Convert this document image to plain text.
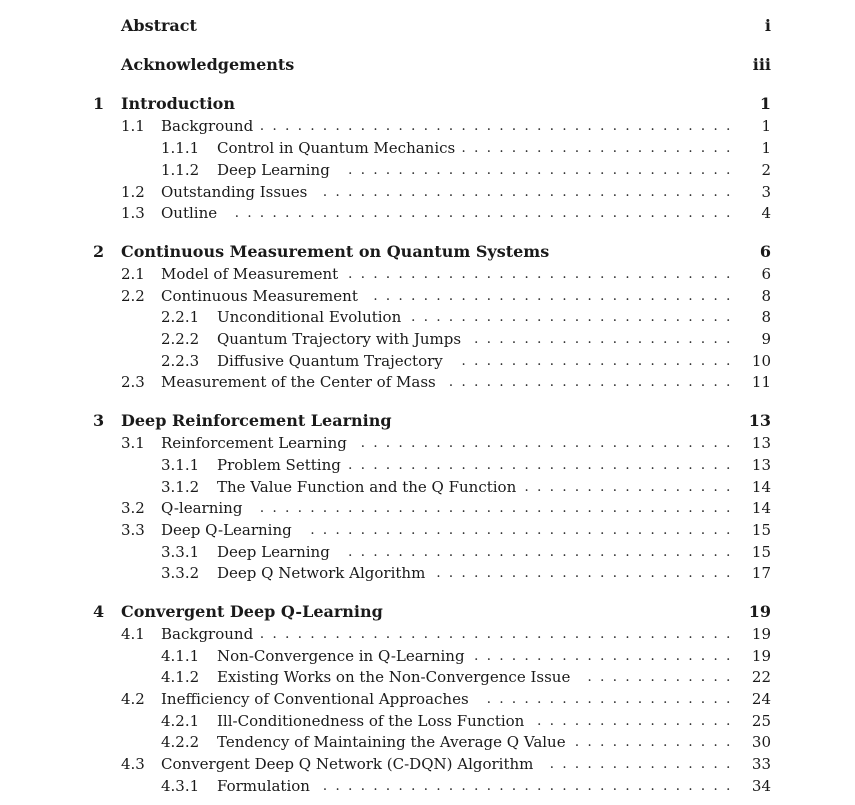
Abstract	i
Acknowledgements	iii
1 Introduction	1
1.1 Background	1
.
.
.
.
.
.
.
.
.
.
.
.
.
.
.
.
.
.
.
.
.
.
.
.
.
.
.
.
.
.
.
.
.
.
.
.
.
.
1.1.1 Control in Quantum Mechanics	1
.
.
.
.
.
.
.
.
.
.
.
.
.
.
.
.
.
.
.
.
.
.
1.1.2 Deep Learning	2
.
.
.
.
.
.
.
.
.
.
.
.
.
.
.
.
.
.
.
.
.
.
.
.
.
.
.
.
.
.
.
1.2 Outstanding Issues	3
.
.
.
.
.
.
.
.
.
.
.
.
.
.
.
.
.
.
.
.
.
.
.
.
.
.
.
.
.
.
.
.
.
1.3 Outline	4
.
.
.
.
.
.
.
.
.
.
.
.
.
.
.
.
.
.
.
.
.
.
.
.
.
.
.
.
.
.
.
.
.
.
.
.
.
.
.
.
2 Continuous Measurement on Quantum Systems	6
2.1 Model of Measurement	6
.
.
.
.
.
.
.
.
.
.
.
.
.
.
.
.
.
.
.
.
.
.
.
.
.
.
.
.
.
.
.
2.2 Continuous Measurement	8
.
.
.
.
.
.
.
.
.
.
.
.
.
.
.
.
.
.
.
.
.
.
.
.
.
.
.
.
.
2.2.1 Unconditional Evolution	8
.
.
.
.
.
.
.
.
.
.
.
.
.
.
.
.
.
.
.
.
.
.
.
.
.
.
2.2.2 Quantum Trajectory with Jumps	9
.
.
.
.
.
.
.
.
.
.
.
.
.
.
.
.
.
.
.
.
.
2.2.3 Diffusive Quantum Trajectory	10
.
.
.
.
.
.
.
.
.
.
.
.
.
.
.
.
.
.
.
.
.
.
2.3 Measurement of the Center of Mass	11
.
.
.
.
.
.
.
.
.
.
.
.
.
.
.
.
.
.
.
.
.
.
.
3 Deep Reinforcement Learning	13
3.1 Reinforcement Learning	13
.
.
.
.
.
.
.
.
.
.
.
.
.
.
.
.
.
.
.
.
.
.
.
.
.
.
.
.
.
.
3.1.1 Problem Setting	13
.
.
.
.
.
.
.
.
.
.
.
.
.
.
.
.
.
.
.
.
.
.
.
.
.
.
.
.
.
.
.
3.1.2 The Value Function and the Q Function	14
.
.
.
.
.
.
.
.
.
.
.
.
.
.
.
.
.
3.2 Q-learning	14
.
.
.
.
.
.
.
.
.
.
.
.
.
.
.
.
.
.
.
.
.
.
.
.
.
.
.
.
.
.
.
.
.
.
.
.
.
.
3.3 Deep Q-Learning	15
.
.
.
.
.
.
.
.
.
.
.
.
.
.
.
.
.
.
.
.
.
.
.
.
.
.
.
.
.
.
.
.
.
.
3.3.1 Deep Learning	15
.
.
.
.
.
.
.
.
.
.
.
.
.
.
.
.
.
.
.
.
.
.
.
.
.
.
.
.
.
.
.
3.3.2 Deep Q Network Algorithm	17
.
.
.
.
.
.
.
.
.
.
.
.
.
.
.
.
.
.
.
.
.
.
.
.
4 Convergent Deep Q-Learning	19
4.1 Background	19
.
.
.
.
.
.
.
.
.
.
.
.
.
.
.
.
.
.
.
.
.
.
.
.
.
.
.
.
.
.
.
.
.
.
.
.
.
.
4.1.1 Non-Convergence in Q-Learning	19
.
.
.
.
.
.
.
.
.
.
.
.
.
.
.
.
.
.
.
.
.
4.1.2 Existing Works on the Non-Convergence Issue	22
.
.
.
.
.
.
.
.
.
.
.
.
4.2 Inefficiency of Conventional Approaches	24
.
.
.
.
.
.
.
.
.
.
.
.
.
.
.
.
.
.
.
.
4.2.1 Ill-Conditionedness of the Loss Function	25
.
.
.
.
.
.
.
.
.
.
.
.
.
.
.
.
4.2.2 Tendency of Maintaining the Average Q Value	30
.
.
.
.
.
.
.
.
.
.
.
.
.
4.3 Convergent Deep Q Network (C-DQN) Algorithm	33
.
.
.
.
.
.
.
.
.
.
.
.
.
.
.
4.3.1 Formulation	34
.
.
.
.
.
.
.
.
.
.
.
.
.
.
.
.
.
.
.
.
.
.
.
.
.
.
.
.
.
.
.
.
.
